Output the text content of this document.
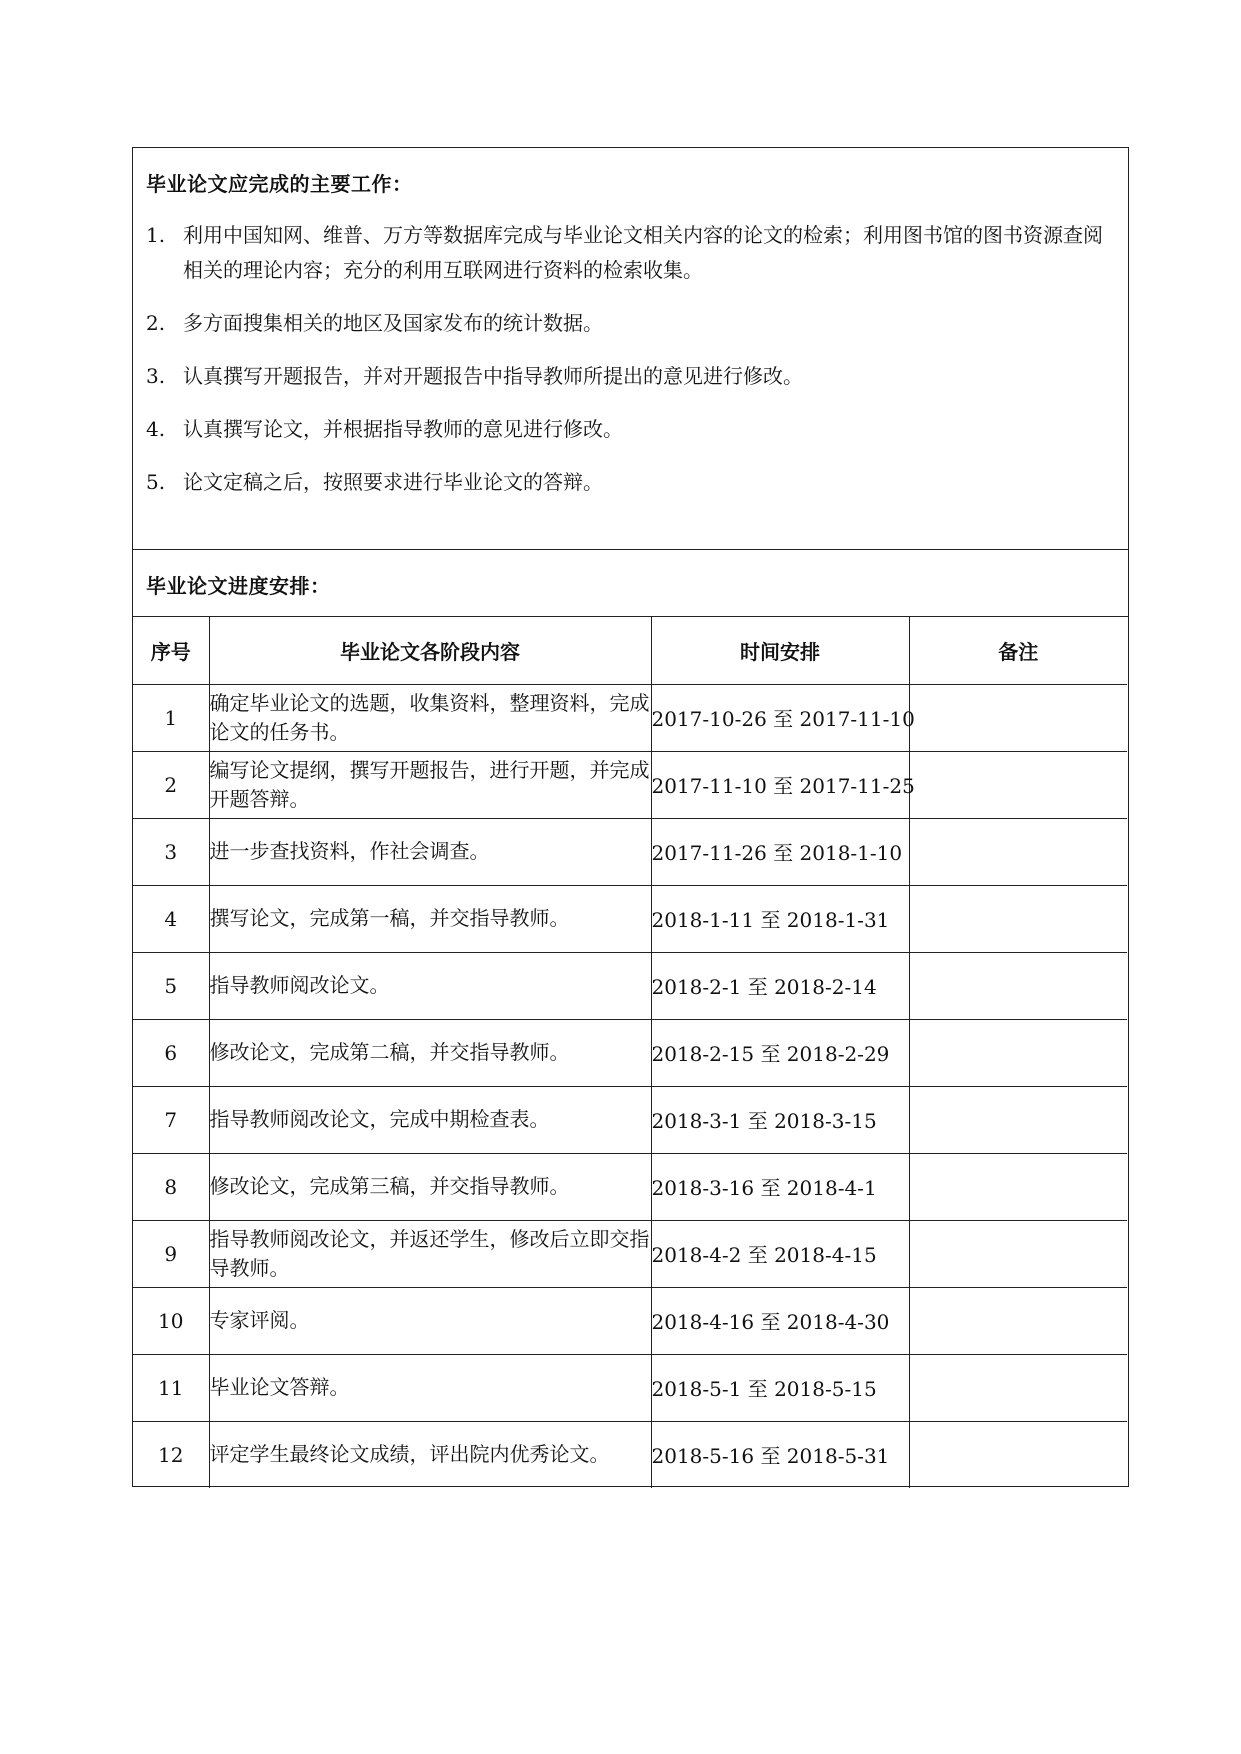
毕业论文应完成的主要工作：
1. 利用中国知网、维普、万方等数据库完成与毕业论文相关内容的论文的检索；利用图书馆的图书资源查阅相关的理论内容；充分的利用互联网进行资料的检索收集。
2. 多方面搜集相关的地区及国家发布的统计数据。
3. 认真撰写开题报告，并对开题报告中指导教师所提出的意见进行修改。
4. 认真撰写论文，并根据指导教师的意见进行修改。
5. 论文定稿之后，按照要求进行毕业论文的答辩。
毕业论文进度安排：
序号	毕业论文各阶段内容	时间安排	备注
1	确定毕业论文的选题，收集资料，整理资料，完成论文的任务书。	2017-10-26 至 2017-11-10	
2	编写论文提纲，撰写开题报告，进行开题，并完成开题答辩。	2017-11-10 至 2017-11-25	
3	进一步查找资料，作社会调查。	2017-11-26 至 2018-1-10	
4	撰写论文，完成第一稿，并交指导教师。	2018-1-11 至 2018-1-31	
5	指导教师阅改论文。	2018-2-1 至 2018-2-14	
6	修改论文，完成第二稿，并交指导教师。	2018-2-15 至 2018-2-29	
7	指导教师阅改论文，完成中期检查表。	2018-3-1 至 2018-3-15	
8	修改论文，完成第三稿，并交指导教师。	2018-3-16 至 2018-4-1	
9	指导教师阅改论文，并返还学生，修改后立即交指导教师。	2018-4-2 至 2018-4-15	
10	专家评阅。	2018-4-16 至 2018-4-30	
11	毕业论文答辩。	2018-5-1 至 2018-5-15	
12	评定学生最终论文成绩，评出院内优秀论文。	2018-5-16 至 2018-5-31	
